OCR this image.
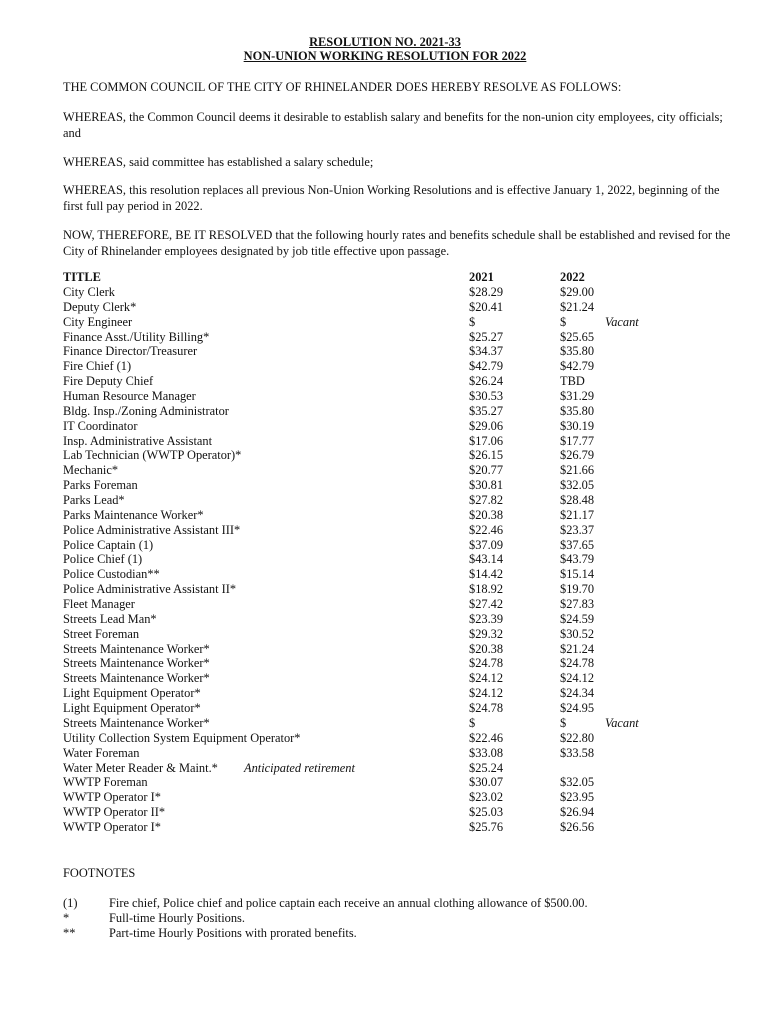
RESOLUTION NO. 2021-33
NON-UNION WORKING RESOLUTION FOR 2022
THE COMMON COUNCIL OF THE CITY OF RHINELANDER DOES HEREBY RESOLVE AS FOLLOWS:
WHEREAS, the Common Council deems it desirable to establish salary and benefits for the non-union city employees, city officials; and
WHEREAS, said committee has established a salary schedule;
WHEREAS, this resolution replaces all previous Non-Union Working Resolutions and is effective January 1, 2022, beginning of the first full pay period in 2022.
NOW, THEREFORE, BE IT RESOLVED that the following hourly rates and benefits schedule shall be established and revised for the City of Rhinelander employees designated by job title effective upon passage.
TITLE	2021	2022	
City Clerk	$28.29	$29.00	
Deputy Clerk*	$20.41	$21.24	
City Engineer	$	$	Vacant
Finance Asst./Utility Billing*	$25.27	$25.65	
Finance Director/Treasurer	$34.37	$35.80	
Fire Chief (1)	$42.79	$42.79	
Fire Deputy Chief	$26.24	TBD	
Human Resource Manager	$30.53	$31.29	
Bldg. Insp./Zoning Administrator	$35.27	$35.80	
IT Coordinator	$29.06	$30.19	
Insp. Administrative Assistant	$17.06	$17.77	
Lab Technician (WWTP Operator)*	$26.15	$26.79	
Mechanic*	$20.77	$21.66	
Parks Foreman	$30.81	$32.05	
Parks Lead*	$27.82	$28.48	
Parks Maintenance Worker*	$20.38	$21.17	
Police Administrative Assistant III*	$22.46	$23.37	
Police Captain (1)	$37.09	$37.65	
Police Chief (1)	$43.14	$43.79	
Police Custodian**	$14.42	$15.14	
Police Administrative Assistant II*	$18.92	$19.70	
Fleet Manager	$27.42	$27.83	
Streets Lead Man*	$23.39	$24.59	
Street Foreman	$29.32	$30.52	
Streets Maintenance Worker*	$20.38	$21.24	
Streets Maintenance Worker*	$24.78	$24.78	
Streets Maintenance Worker*	$24.12	$24.12	
Light Equipment Operator*	$24.12	$24.34	
Light Equipment Operator*	$24.78	$24.95	
Streets Maintenance Worker*	$	$	Vacant
Utility Collection System Equipment Operator*	$22.46	$22.80	
Water Foreman	$33.08	$33.58	
Water Meter Reader & Maint.* Anticipated retirement	$25.24		
WWTP Foreman	$30.07	$32.05	
WWTP Operator I*	$23.02	$23.95	
WWTP Operator II*	$25.03	$26.94	
WWTP Operator I*	$25.76	$26.56	
FOOTNOTES
(1)	Fire chief, Police chief and police captain each receive an annual clothing allowance of $500.00.
*	Full-time Hourly Positions.
**	Part-time Hourly Positions with prorated benefits.
